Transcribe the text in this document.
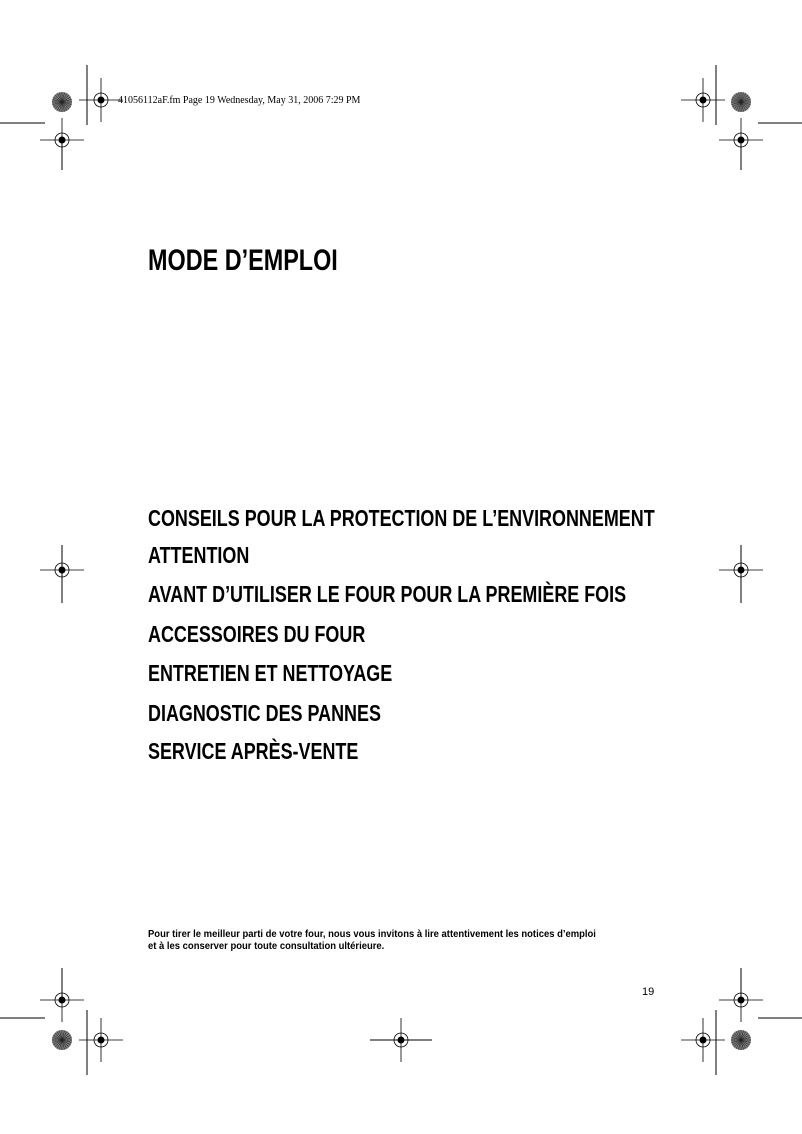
41056112aF.fm Page 19 Wednesday, May 31, 2006 7:29 PM
MODE D’EMPLOI
CONSEILS POUR LA PROTECTION DE L’ENVIRONNEMENT
ATTENTION
AVANT D’UTILISER LE FOUR POUR LA PREMIÈRE FOIS
ACCESSOIRES DU FOUR
ENTRETIEN ET NETTOYAGE
DIAGNOSTIC DES PANNES
SERVICE APRÈS-VENTE
Pour tirer le meilleur parti de votre four, nous vous invitons à lire attentivement les notices d’emploi
et à les conserver pour toute consultation ultérieure.
19
